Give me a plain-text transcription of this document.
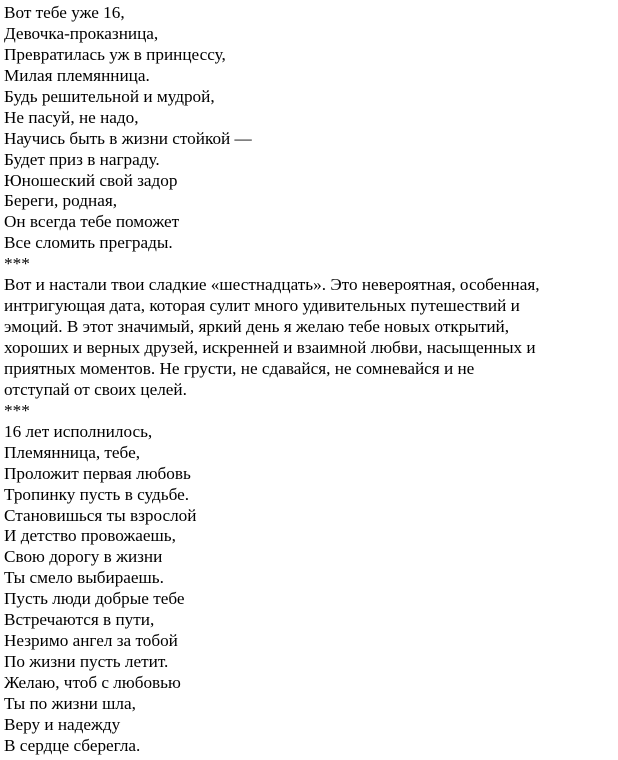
Вот тебе уже 16,
Девочка-проказница,
Превратилась уж в принцессу,
Милая племянница.
Будь решительной и мудрой,
Не пасуй, не надо,
Научись быть в жизни стойкой —
Будет приз в награду.
Юношеский свой задор
Береги, родная,
Он всегда тебе поможет
Все сломить преграды.
***
Вот и настали твои сладкие «шестнадцать». Это невероятная, особенная,
интригующая дата, которая сулит много удивительных путешествий и
эмоций. В этот значимый, яркий день я желаю тебе новых открытий,
хороших и верных друзей, искренней и взаимной любви, насыщенных и
приятных моментов. Не грусти, не сдавайся, не сомневайся и не
отступай от своих целей.
***
16 лет исполнилось,
Племянница, тебе,
Проложит первая любовь
Тропинку пусть в судьбе.
Становишься ты взрослой
И детство провожаешь,
Свою дорогу в жизни
Ты смело выбираешь.
Пусть люди добрые тебе
Встречаются в пути,
Незримо ангел за тобой
По жизни пусть летит.
Желаю, чтоб с любовью
Ты по жизни шла,
Веру и надежду
В сердце сберегла.
